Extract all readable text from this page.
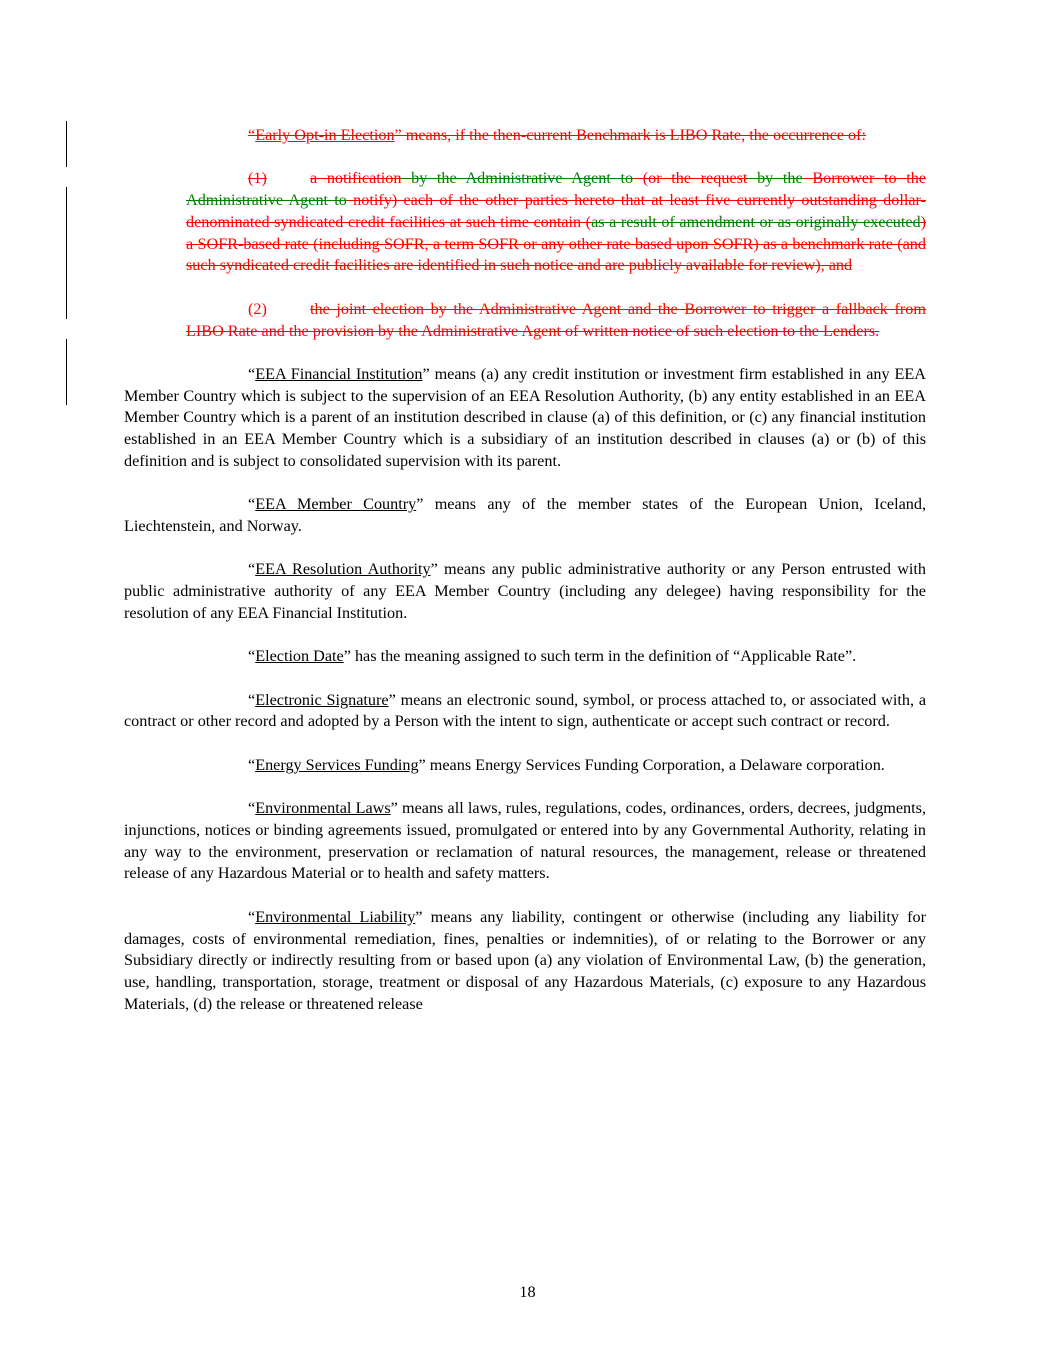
“Early Opt-in Election” means, if the then-current Benchmark is LIBO Rate, the occurrence of:

(1)	a notification by the Administrative Agent to (or the request by the Borrower to the Administrative Agent to notify) each of the other parties hereto that at least five currently outstanding dollar-denominated syndicated credit facilities at such time contain (as a result of amendment or as originally executed) a SOFR-based rate (including SOFR, a term SOFR or any other rate based upon SOFR) as a benchmark rate (and such syndicated credit facilities are identified in such notice and are publicly available for review), and

(2)	the joint election by the Administrative Agent and the Borrower to trigger a fallback from LIBO Rate and the provision by the Administrative Agent of written notice of such election to the Lenders.

“EEA Financial Institution” means (a) any credit institution or investment firm established in any EEA Member Country which is subject to the supervision of an EEA Resolution Authority, (b) any entity established in an EEA Member Country which is a parent of an institution described in clause (a) of this definition, or (c) any financial institution established in an EEA Member Country which is a subsidiary of an institution described in clauses (a) or (b) of this definition and is subject to consolidated supervision with its parent.

“EEA Member Country” means any of the member states of the European Union, Iceland, Liechtenstein, and Norway.

“EEA Resolution Authority” means any public administrative authority or any Person entrusted with public administrative authority of any EEA Member Country (including any delegee) having responsibility for the resolution of any EEA Financial Institution.

“Election Date” has the meaning assigned to such term in the definition of “Applicable Rate”.

“Electronic Signature” means an electronic sound, symbol, or process attached to, or associated with, a contract or other record and adopted by a Person with the intent to sign, authenticate or accept such contract or record.

“Energy Services Funding” means Energy Services Funding Corporation, a Delaware corporation.

“Environmental Laws” means all laws, rules, regulations, codes, ordinances, orders, decrees, judgments, injunctions, notices or binding agreements issued, promulgated or entered into by any Governmental Authority, relating in any way to the environment, preservation or reclamation of natural resources, the management, release or threatened release of any Hazardous Material or to health and safety matters.

“Environmental Liability” means any liability, contingent or otherwise (including any liability for damages, costs of environmental remediation, fines, penalties or indemnities), of or relating to the Borrower or any Subsidiary directly or indirectly resulting from or based upon (a) any violation of Environmental Law, (b) the generation, use, handling, transportation, storage, treatment or disposal of any Hazardous Materials, (c) exposure to any Hazardous Materials, (d) the release or threatened release

18
